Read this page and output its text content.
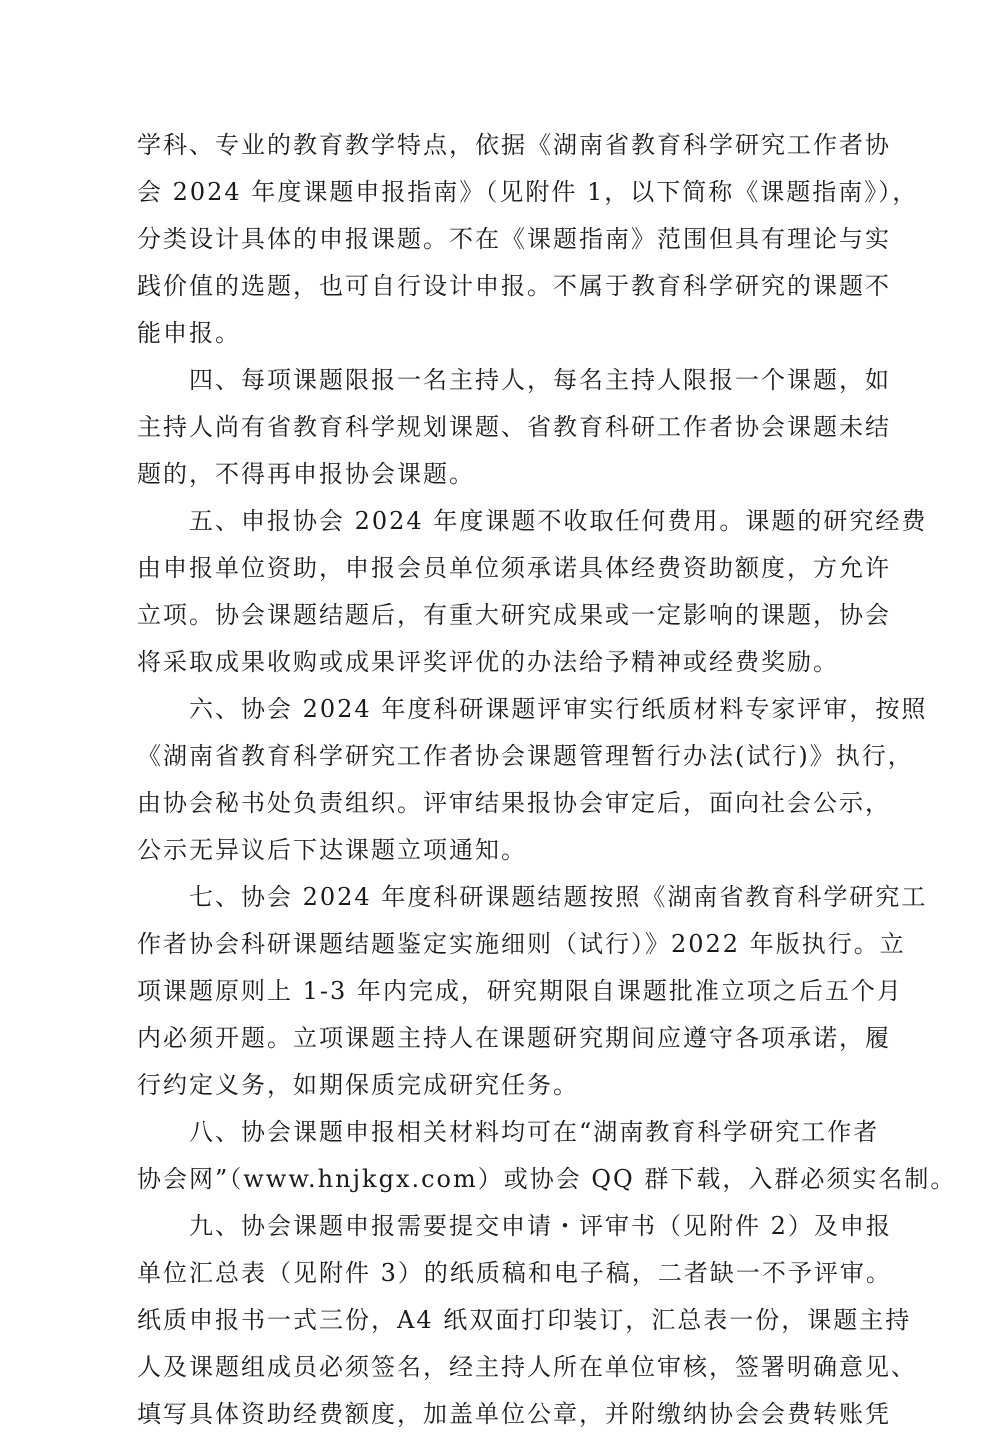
学科、专业的教育教学特点，依据《湖南省教育科学研究工作者协
会 2024 年度课题申报指南》（见附件 1，以下简称《课题指南》），
分类设计具体的申报课题。不在《课题指南》范围但具有理论与实
践价值的选题，也可自行设计申报。不属于教育科学研究的课题不
能申报。
四、每项课题限报一名主持人，每名主持人限报一个课题，如
主持人尚有省教育科学规划课题、省教育科研工作者协会课题未结
题的，不得再申报协会课题。
五、申报协会 2024 年度课题不收取任何费用。课题的研究经费
由申报单位资助，申报会员单位须承诺具体经费资助额度，方允许
立项。协会课题结题后，有重大研究成果或一定影响的课题，协会
将采取成果收购或成果评奖评优的办法给予精神或经费奖励。
六、协会 2024 年度科研课题评审实行纸质材料专家评审，按照
《湖南省教育科学研究工作者协会课题管理暂行办法(试行)》执行，
由协会秘书处负责组织。评审结果报协会审定后，面向社会公示，
公示无异议后下达课题立项通知。
七、协会 2024 年度科研课题结题按照《湖南省教育科学研究工
作者协会科研课题结题鉴定实施细则（试行）》2022 年版执行。立
项课题原则上 1-3 年内完成，研究期限自课题批准立项之后五个月
内必须开题。立项课题主持人在课题研究期间应遵守各项承诺，履
行约定义务，如期保质完成研究任务。
八、协会课题申报相关材料均可在“湖南教育科学研究工作者
协会网”（www.hnjkgx.com）或协会 QQ 群下载，入群必须实名制。
九、协会课题申报需要提交申请・评审书（见附件 2）及申报
单位汇总表（见附件 3）的纸质稿和电子稿，二者缺一不予评审。
纸质申报书一式三份，A4 纸双面打印装订，汇总表一份，课题主持
人及课题组成员必须签名，经主持人所在单位审核，签署明确意见、
填写具体资助经费额度，加盖单位公章，并附缴纳协会会费转账凭
